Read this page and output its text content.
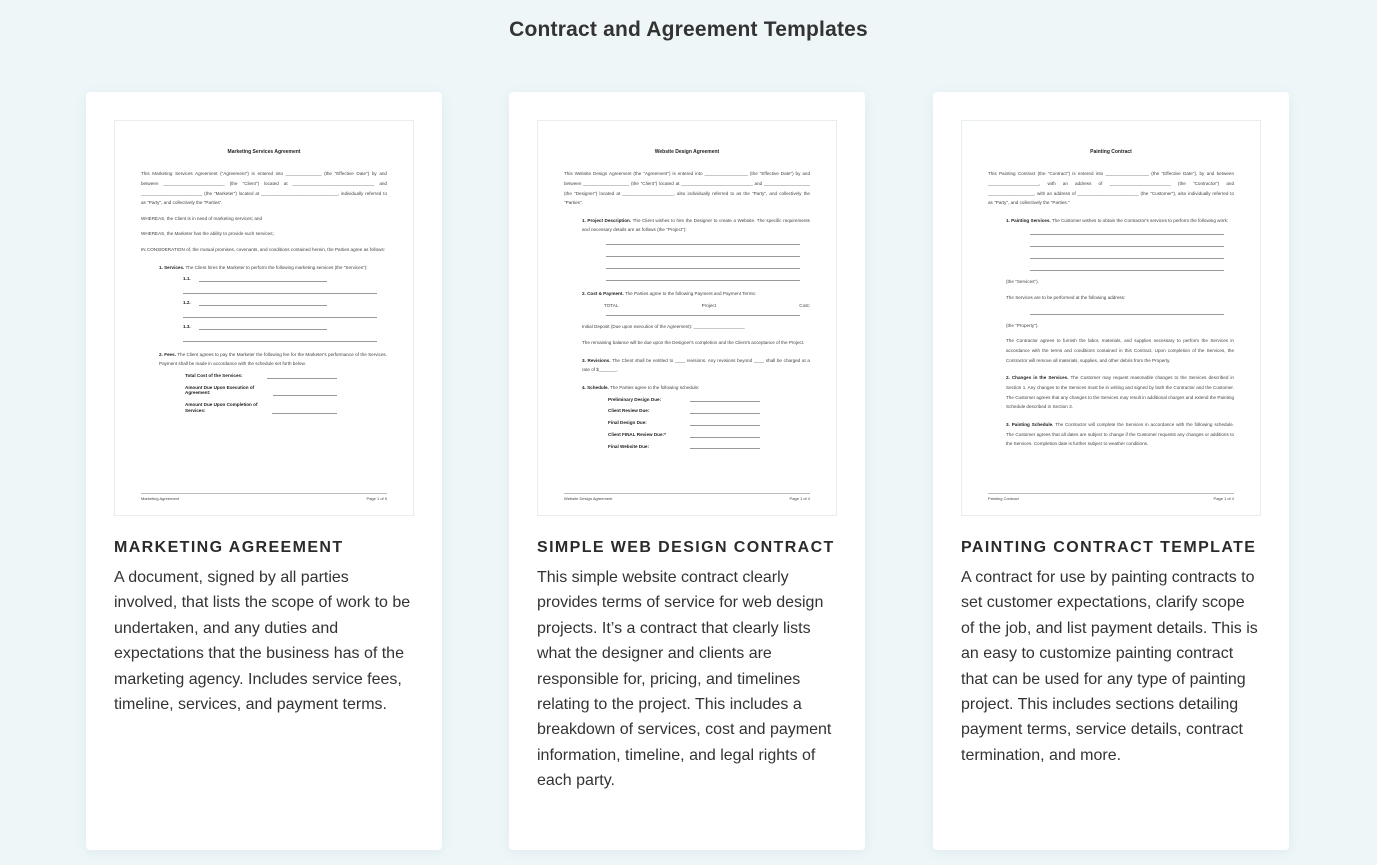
Contract and Agreement Templates
Marketing Services Agreement
This Marketing Services Agreement ("Agreement") is entered into ______________ (the "Effective Date") by and between ________________________ (the "Client") located at ________________________________ and ________________________ (the "Marketer") located at ______________________________, individually referred to as "Party", and collectively the "Parties".
WHEREAS, the Client is in need of marketing services; and
WHEREAS, the Marketer has the ability to provide such services;
IN CONSIDERATION of, the mutual promises, covenants, and conditions contained herein, the Parties agree as follows:
1. Services. The Client hires the Marketer to perform the following marketing services (the "Services"):
1.1.
1.2.
1.3.
2. Fees. The Client agrees to pay the Marketer the following fee for the Marketer's performance of the Services. Payment shall be made in accordance with the schedule set forth below.
Total Cost of the Services:
Amount Due Upon Execution of Agreement:
Amount Due Upon Completion of Services:
Marketing Agreement	Page 1 of 5
MARKETING AGREEMENT
A document, signed by all parties involved, that lists the scope of work to be undertaken, and any duties and expectations that the business has of the marketing agency. Includes service fees, timeline, services, and payment terms.
Website Design Agreement
This Website Design Agreement (the "Agreement") is entered into _________________ (the "Effective Date") by and between __________________ (the "Client") located at ____________________________ and __________________ (the "Designer") located at ____________________, also individually referred to as the "Party", and collectively the "Parties".
1. Project Description. The Client wishes to hire the Designer to create a Website. The specific requirements and necessary details are as follows (the "Project"):
2. Cost & Payment. The Parties agree to the following Payment and Payment Terms:
TOTAL	Project	Cost:
Initial Deposit (Due upon execution of the Agreement): ____________________
The remaining balance will be due upon the Designer's completion and the Client's acceptance of the Project.
3. Revisions. The Client shall be entitled to ____ revisions. Any revisions beyond ____ shall be charged at a rate of $_______.
4. Schedule. The Parties agree to the following schedule:
Preliminary Design Due:
Client Review Due:
Final Design Due:
Client FINAL Review Due:*
Final Website Due:
Website Design Agreement	Page 1 of 4
SIMPLE WEB DESIGN CONTRACT
This simple website contract clearly provides terms of service for web design projects. It’s a contract that clearly lists what the designer and clients are responsible for, pricing, and timelines relating to the project. This includes a breakdown of services, cost and payment information, timeline, and legal rights of each party.
Painting Contract
This Painting Contract (the "Contract") is entered into _________________ (the "Effective Date"), by and between ____________________, with an address of ________________________ (the "Contractor") and __________________, with an address of ________________________ (the "Customer"), also individually referred to as "Party", and collectively the "Parties."
1. Painting Services. The Customer wishes to obtain the Contractor's services to perform the following work:
(the "Services").
The Services are to be performed at the following address:
(the "Property").
The Contractor agrees to furnish the labor, materials, and supplies necessary to perform the Services in accordance with the terms and conditions contained in this Contract. Upon completion of the Services, the Contractor will remove all materials, supplies, and other debris from the Property.
2. Changes in the Services. The Customer may request reasonable changes to the Services described in Section 1. Any changes to the Services must be in writing and signed by both the Contractor and the Customer. The Customer agrees that any changes to the Services may result in additional charges and extend the Painting Schedule described in Section 3.
3. Painting Schedule. The Contractor will complete the Services in accordance with the following schedule. The Customer agrees that all dates are subject to change if the Customer requests any changes or additions to the Services. Completion date is further subject to weather conditions.
Painting Contract	Page 1 of 4
PAINTING CONTRACT TEMPLATE
A contract for use by painting contracts to set customer expectations, clarify scope of the job, and list payment details. This is an easy to customize painting contract that can be used for any type of painting project. This includes sections detailing payment terms, service details, contract termination, and more.
